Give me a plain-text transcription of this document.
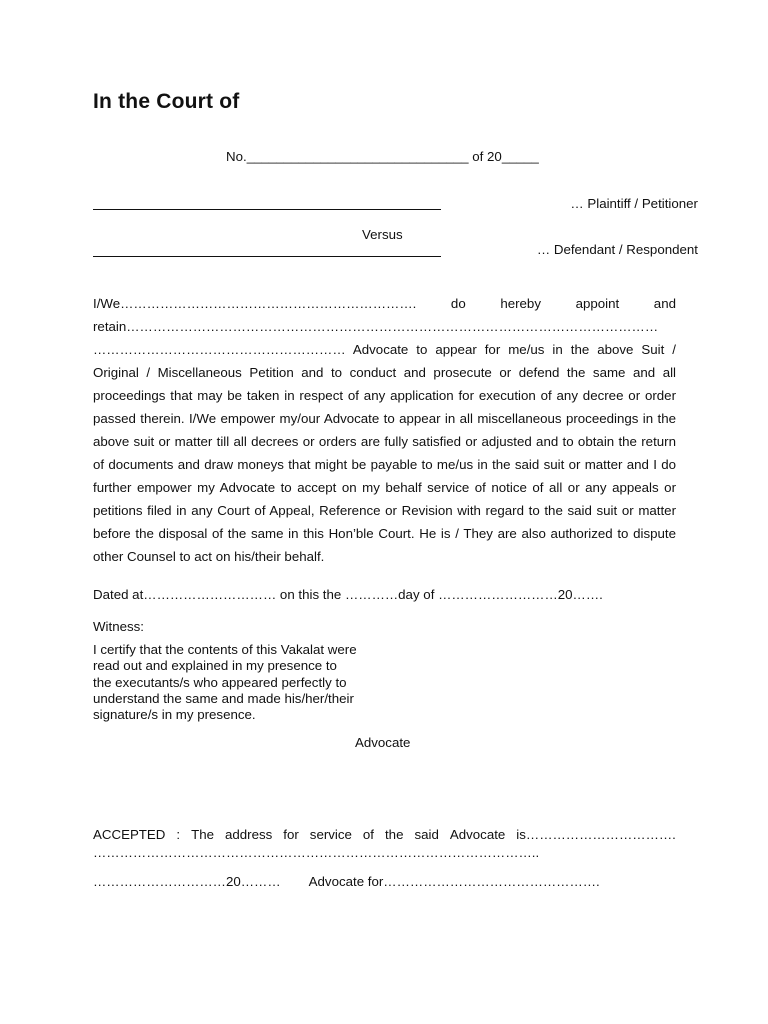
In the Court of
No.______________________________ of 20_____
… Plaintiff / Petitioner
Versus
… Defendant / Respondent
I/We………………………………………………………….	do	hereby	appoint	and
retain…………………………………………………………………………………………………………

………………………………………………… Advocate to appear for me/us in the above Suit / Original / Miscellaneous Petition and to conduct and prosecute or defend the same and all proceedings that may be taken in respect of any application for execution of any decree or order passed therein. I/We empower my/our Advocate to appear in all miscellaneous proceedings in the above suit or matter till all decrees or orders are fully satisfied or adjusted and to obtain the return of documents and draw moneys that might be payable to me/us in the said suit or matter and I do further empower my Advocate to accept on my behalf service of notice of all or any appeals or petitions filed in any Court of Appeal, Reference or Revision with regard to the said suit or matter before the disposal of the same in this Hon’ble Court. He is / They are also authorized to dispute other Counsel to act on his/their behalf.

Dated at………………………… on this the …………day of ………………………20…….
Witness:
I certify that the contents of this Vakalat were read out and explained in my presence to the executants/s who appeared perfectly to understand the same and made his/her/their signature/s in my presence.
Advocate
ACCEPTED : The address for service of the said Advocate is…………………………….
………………………………………………………………………………………..
…………………………20……… Advocate for………………………………………….
